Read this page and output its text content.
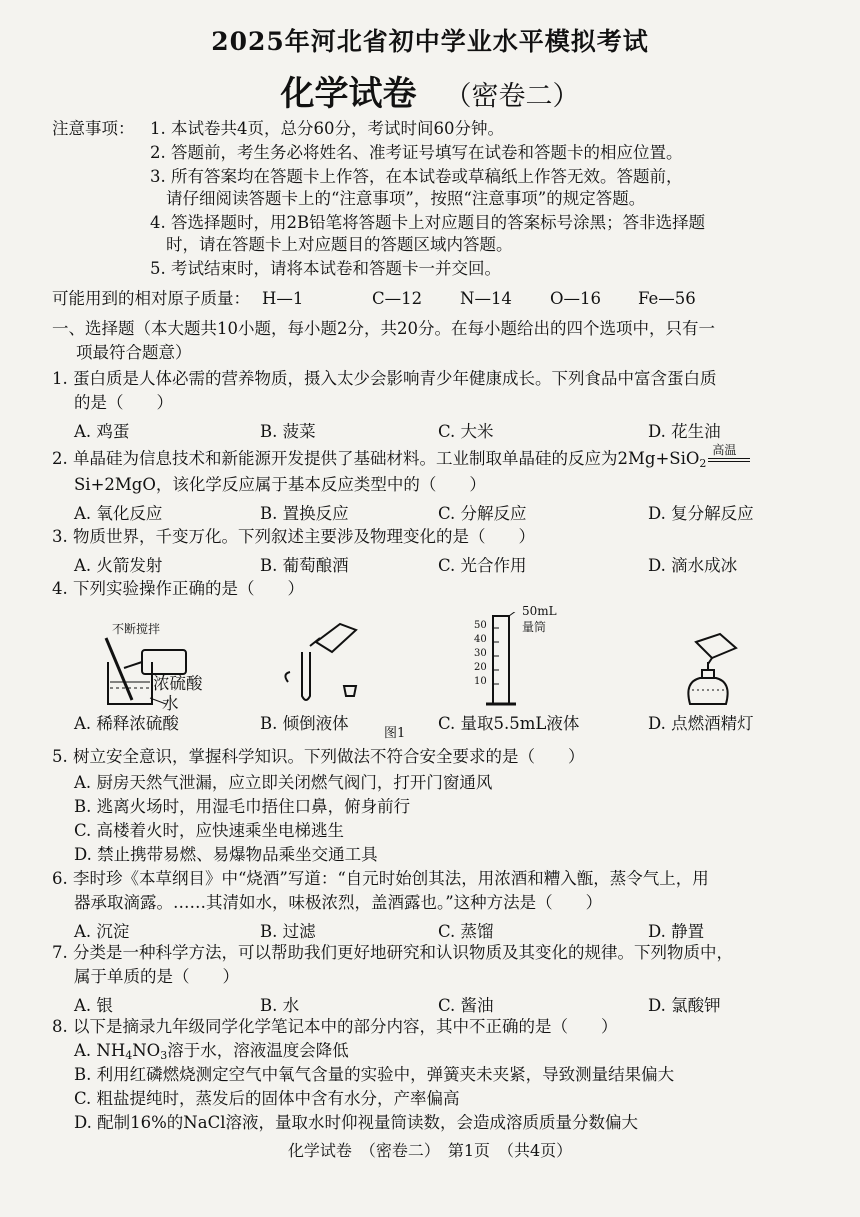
2025年河北省初中学业水平模拟考试
化学试卷 （密卷二）
注意事项： 1. 本试卷共4页，总分60分，考试时间60分钟。
2. 答题前，考生务必将姓名、准考证号填写在试卷和答题卡的相应位置。
3. 所有答案均在答题卡上作答，在本试卷或草稿纸上作答无效。答题前，
请仔细阅读答题卡上的“注意事项”，按照“注意事项”的规定答题。
4. 答选择题时，用2B铅笔将答题卡上对应题目的答案标号涂黑；答非选择题
时，请在答题卡上对应题目的答题区域内答题。
5. 考试结束时，请将本试卷和答题卡一并交回。
可能用到的相对原子质量： H—1	C—12 N—14 O—16 Fe—56
一、选择题（本大题共10小题，每小题2分，共20分。在每小题给出的四个选项中，只有一
项最符合题意）
1. 蛋白质是人体必需的营养物质，摄入太少会影响青少年健康成长。下列食品中富含蛋白质
的是（　　）
A. 鸡蛋	B. 菠菜	C. 大米	D. 花生油
2. 单晶硅为信息技术和新能源开发提供了基础材料。工业制取单晶硅的反应为2Mg+SiO$_2$
高温
Si+2MgO，该化学反应属于基本反应类型中的（　　）
A. 氧化反应	B. 置换反应	C. 分解反应	D. 复分解反应
3. 物质世界，千变万化。下列叙述主要涉及物理变化的是（　　）
A. 火箭发射	B. 葡萄酿酒	C. 光合作用	D. 滴水成冰
4. 下列实验操作正确的是（　　）
不断搅拌
浓硫酸
水
50mL
量筒
50
40
30
20
10
A. 稀释浓硫酸	B. 倾倒液体	C. 量取5.5mL液体	D. 点燃酒精灯
图1
5. 树立安全意识，掌握科学知识。下列做法不符合安全要求的是（　　）
A. 厨房天然气泄漏，应立即关闭燃气阀门，打开门窗通风
B. 逃离火场时，用湿毛巾捂住口鼻，俯身前行
C. 高楼着火时，应快速乘坐电梯逃生
D. 禁止携带易燃、易爆物品乘坐交通工具
6. 李时珍《本草纲目》中“烧酒”写道：“自元时始创其法，用浓酒和糟入甑，蒸令气上，用
器承取滴露。……其清如水，味极浓烈，盖酒露也。”这种方法是（　　）
A. 沉淀	B. 过滤	C. 蒸馏	D. 静置
7. 分类是一种科学方法，可以帮助我们更好地研究和认识物质及其变化的规律。下列物质中，
属于单质的是（　　）
A. 银	B. 水	C. 酱油	D. 氯酸钾
8. 以下是摘录九年级同学化学笔记本中的部分内容，其中不正确的是（　　）
A. $NH_4NO_3$溶于水，溶液温度会降低
B. 利用红磷燃烧测定空气中氧气含量的实验中，弹簧夹未夹紧，导致测量结果偏大
C. 粗盐提纯时，蒸发后的固体中含有水分，产率偏高
D. 配制16%的NaCl溶液，量取水时仰视量筒读数，会造成溶质质量分数偏大
化学试卷　（密卷二）　第1页　（共4页）
